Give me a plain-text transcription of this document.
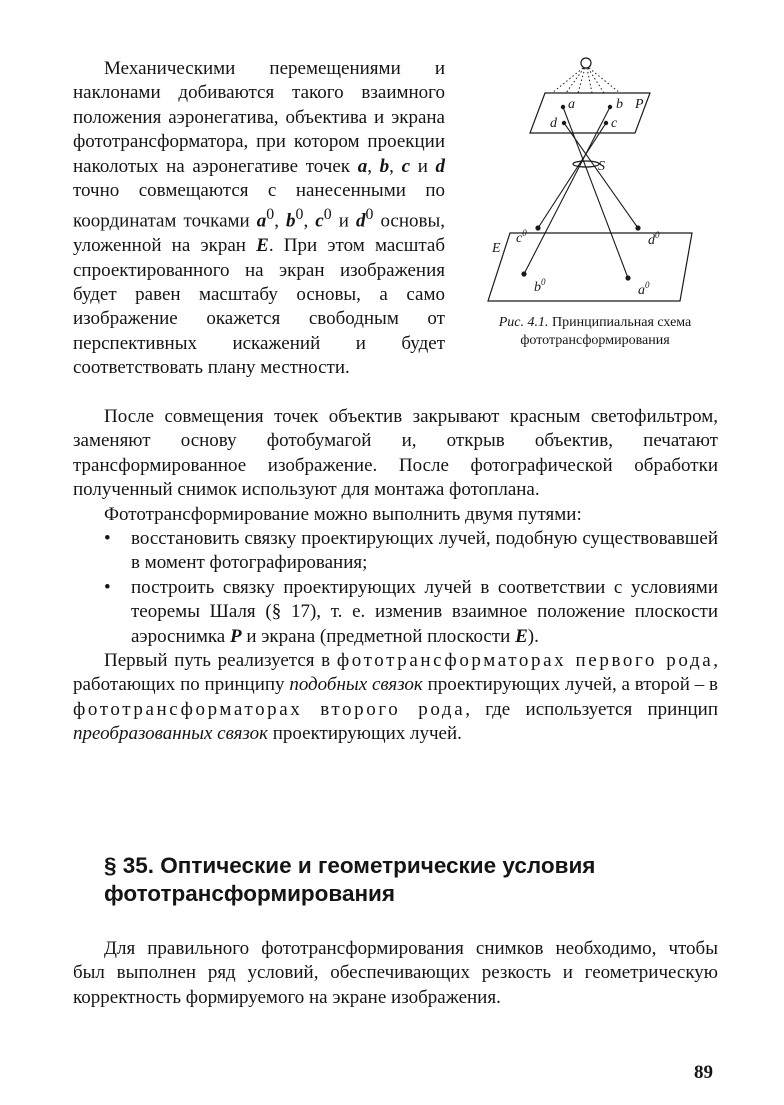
Механическими перемещениями и наклонами добиваются такого взаимного положения аэронегатива, объектива и экрана фототрансформатора, при котором проекции наколотых на аэронегативе точек a, b, c и d точно совмещаются с нанесенными по координатам точками $a^0$, $b^0$, $c^0$ и $d^0$ основы, уложенной на экран E. При этом масштаб спроектированного на экран изображения будет равен масштабу основы, а само изображение окажется свободным от перспективных искажений и будет соответствовать плану местности.
a	b P
d	c
S
E
$c^0$	$d^0$
$b^0$
$a^0$
Рис. 4.1. Принципиальная схема фототрансформирования
После совмещения точек объектив закрывают красным светофильтром, заменяют основу фотобумагой и, открыв объектив, печатают трансформированное изображение. После фотографической обработки полученный снимок используют для монтажа фотоплана.
Фототрансформирование можно выполнить двумя путями:
• восстановить связку проектирующих лучей, подобную существовавшей в момент фотографирования;
• построить связку проектирующих лучей в соответствии с условиями теоремы Шаля (§ 17), т. е. изменив взаимное положение плоскости аэроснимка P и экрана (предметной плоскости E).
Первый путь реализуется в фототрансформаторах первого рода, работающих по принципу подобных связок проектирующих лучей, а второй – в фототрансформаторах второго рода, где используется принцип преобразованных связок проектирующих лучей.
§ 35. Оптические и геометрические условия фототрансформирования
Для правильного фототрансформирования снимков необходимо, чтобы был выполнен ряд условий, обеспечивающих резкость и геометрическую корректность формируемого на экране изображения.
89
